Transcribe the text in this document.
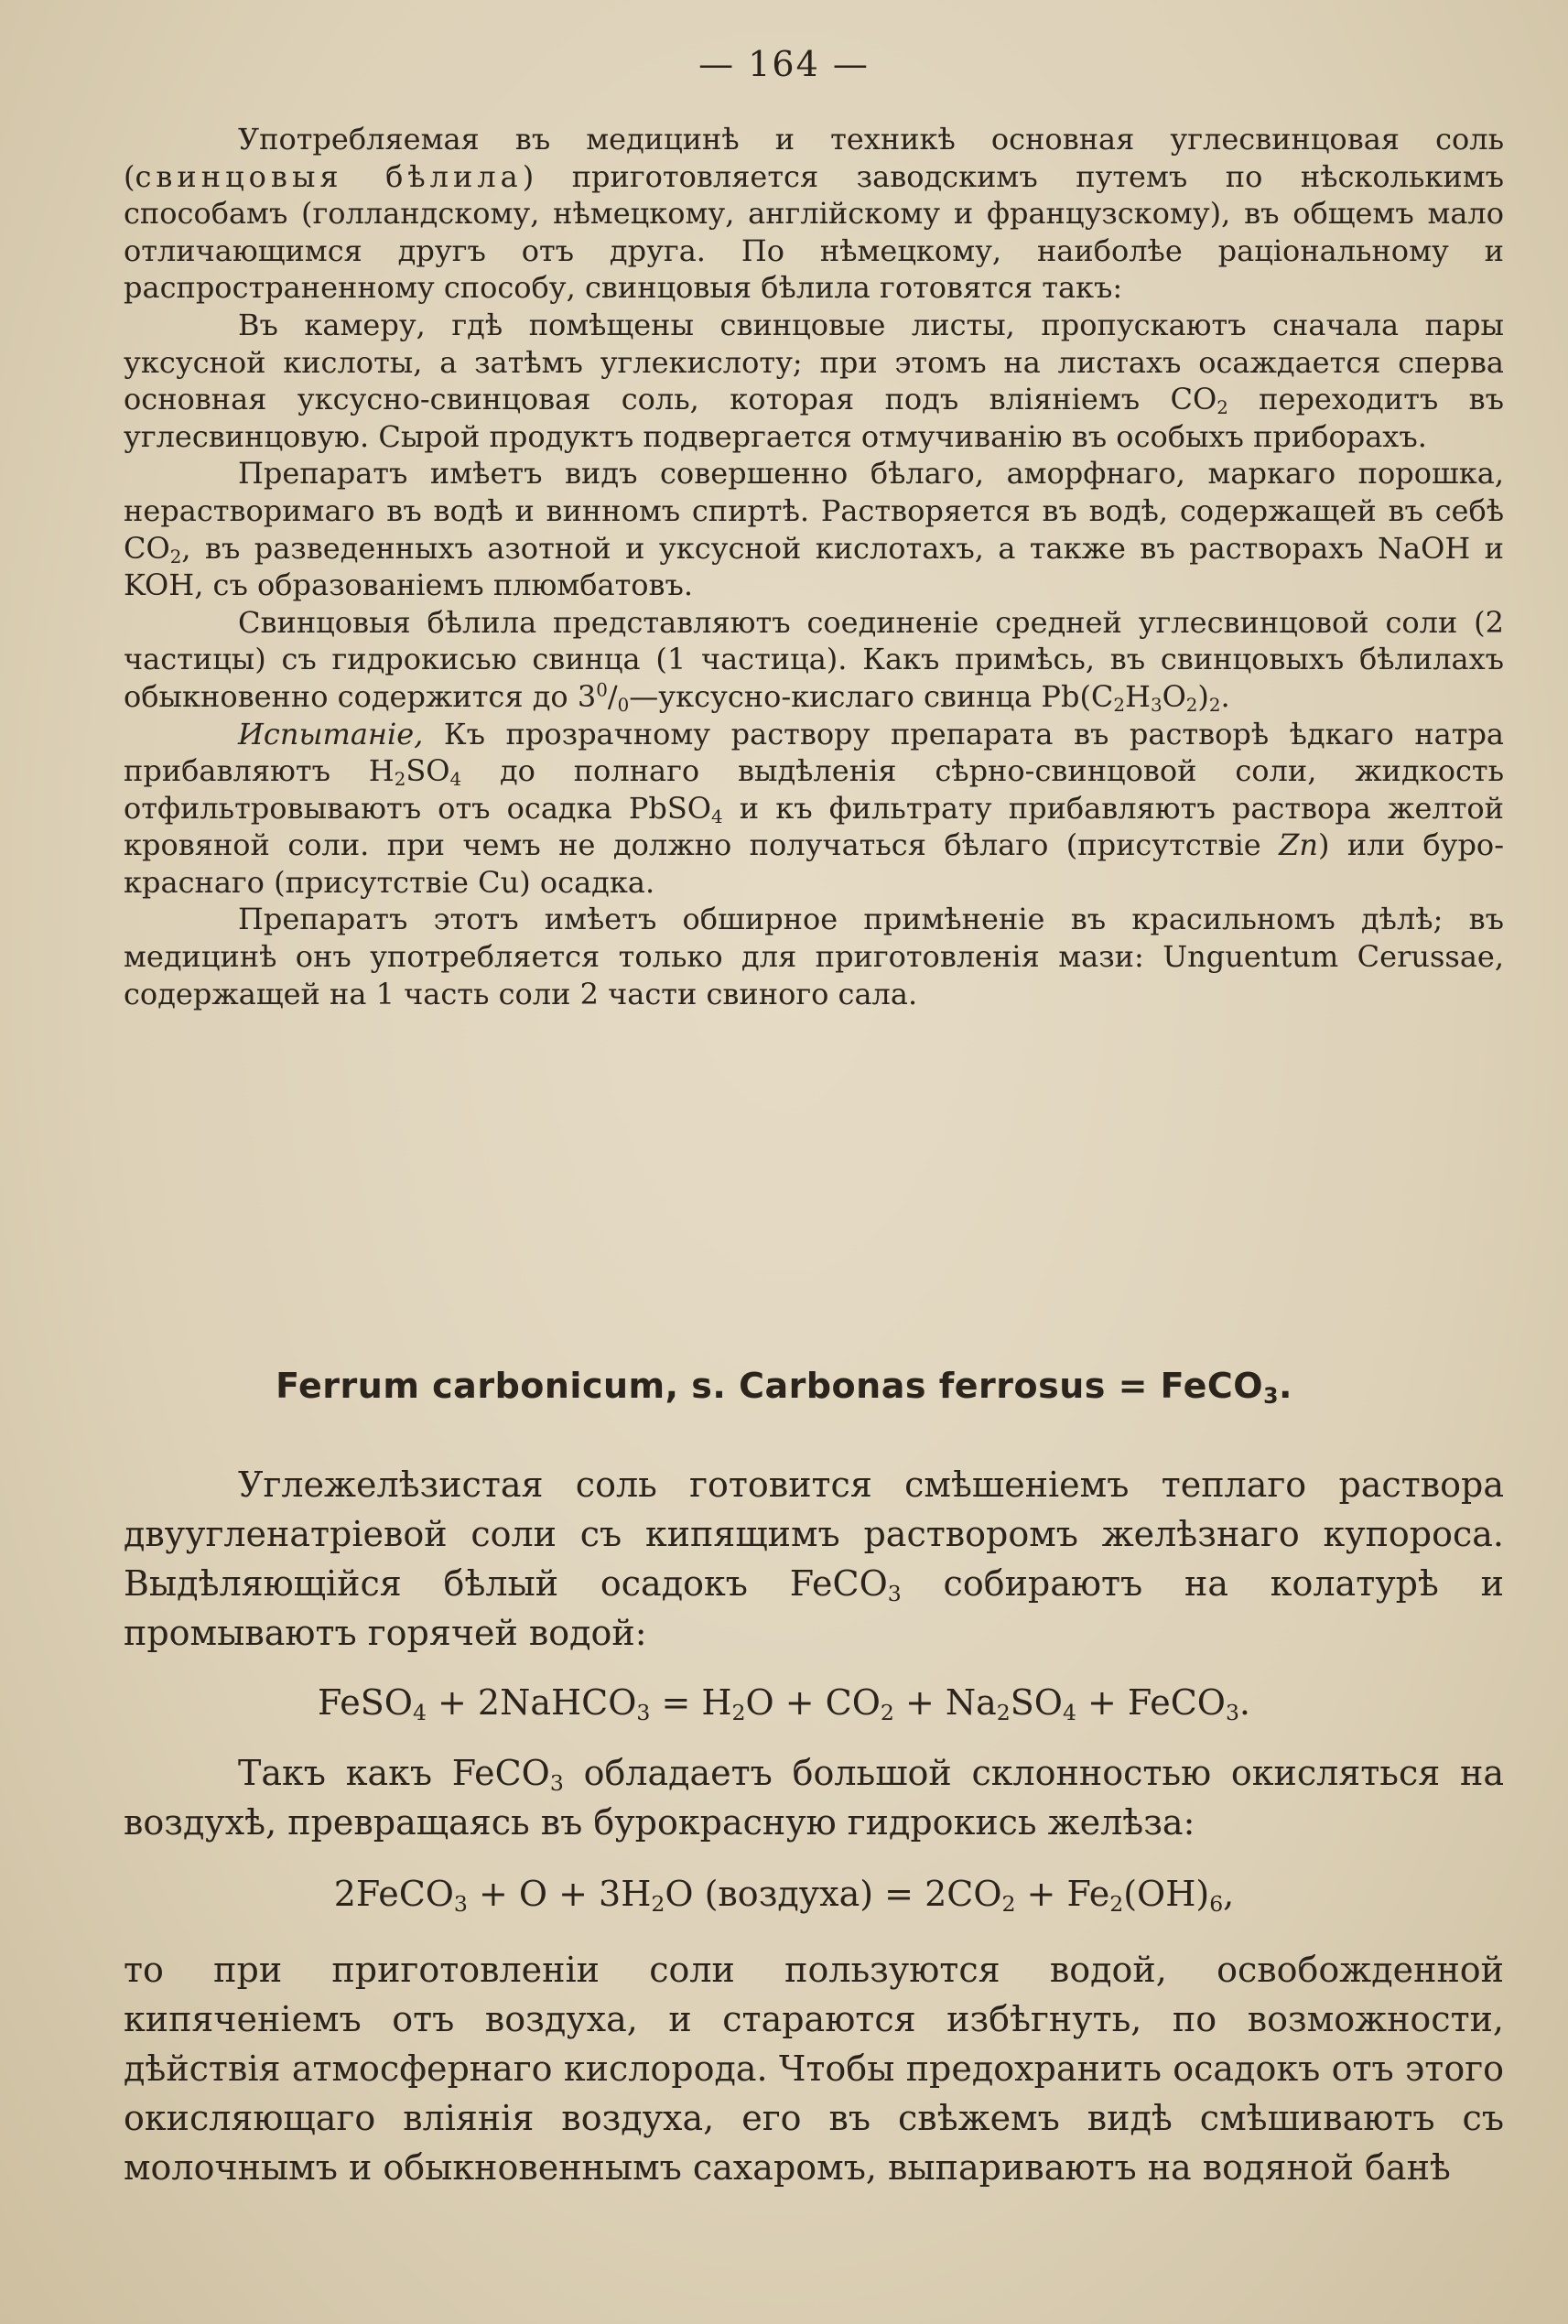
— 164 —

Употребляемая въ медицинѣ и техникѣ основная углесвинцовая соль (свинцовыя бѣлила) приготовляется заводскимъ путемъ по нѣсколькимъ способамъ (голландскому, нѣмецкому, англійскому и французскому), въ общемъ мало отличающимся другъ отъ друга. По нѣмецкому, наиболѣе раціональному и распространенному способу, свинцовыя бѣлила готовятся такъ:

Въ камеру, гдѣ помѣщены свинцовые листы, пропускаютъ сначала пары уксусной кислоты, а затѣмъ углекислоту; при этомъ на листахъ осаждается сперва основная уксусно-свинцовая соль, которая подъ вліяніемъ $CO_2$ переходитъ въ углесвинцовую. Сырой продуктъ подвергается отмучиванію въ особыхъ приборахъ.

Препаратъ имѣетъ видъ совершенно бѣлаго, аморфнаго, маркаго порошка, нерастворимаго въ водѣ и винномъ спиртѣ. Растворяется въ водѣ, содержащей въ себѣ $CO_2$, въ разведенныхъ азотной и уксусной кислотахъ, а также въ растворахъ NaOH и KOH, съ образованіемъ плюмбатовъ.

Свинцовыя бѣлила представляютъ соединеніе средней углесвинцовой соли (2 частицы) съ гидрокисью свинца (1 частица). Какъ примѣсь, въ свинцовыхъ бѣлилахъ обыкновенно содержится до $3^0/_0—уксусно$-кислаго свинца $Pb(C_2H_3O_2)_2$.

Испытаніе, Къ прозрачному раствору препарата въ растворѣ ѣдкаго натра прибавляютъ $H_2SO_4$ до полнаго выдѣленія сѣрно-свинцовой соли, жидкость отфильтровываютъ отъ осадка PbSO$_4$ и къ фильтрату прибавляютъ раствора желтой кровяной соли. при чемъ не должно получаться бѣлаго (присутствіе Zn) или буро-краснаго (присутствіе Cu) осадка.

Препаратъ этотъ имѣетъ обширное примѣненіе въ красильномъ дѣлѣ; въ медицинѣ онъ употребляется только для приготовленія мази: Unguentum Cerussae, содержащей на 1 часть соли 2 части свиного сала.

Ferrum carbonicum, s. Carbonas ferrosus = FeCO$_3$.

Углежелѣзистая соль готовится смѣшеніемъ теплаго раствора двуугленатріевой соли съ кипящимъ растворомъ желѣзнаго купороса. Выдѣляющійся бѣлый осадокъ FeCO$_3$ собираютъ на колатурѣ и промываютъ горячей водой:

FeSO$_4$ + 2NaHCO$_3$ = $H_2O + CO_2 + Na_2SO_4$ + FeCO$_3$.

Такъ какъ FeCO$_3$ обладаетъ большой склонностью окисляться на воздухѣ, превращаясь въ бурокрасную гидрокись желѣза:

2FeCO$_3$ + $O + 3H_2O$ (воздуха) = $2CO_2 + Fe_2(OH)_6$,

то при приготовленіи соли пользуются водой, освобожденной кипяченіемъ отъ воздуха, и стараются избѣгнуть, по возможности, дѣйствія атмосфернаго кислорода. Чтобы предохранить осадокъ отъ этого окисляющаго вліянія воздуха, его въ свѣжемъ видѣ смѣшиваютъ съ молочнымъ и обыкновеннымъ сахаромъ, выпариваютъ на водяной банѣ
